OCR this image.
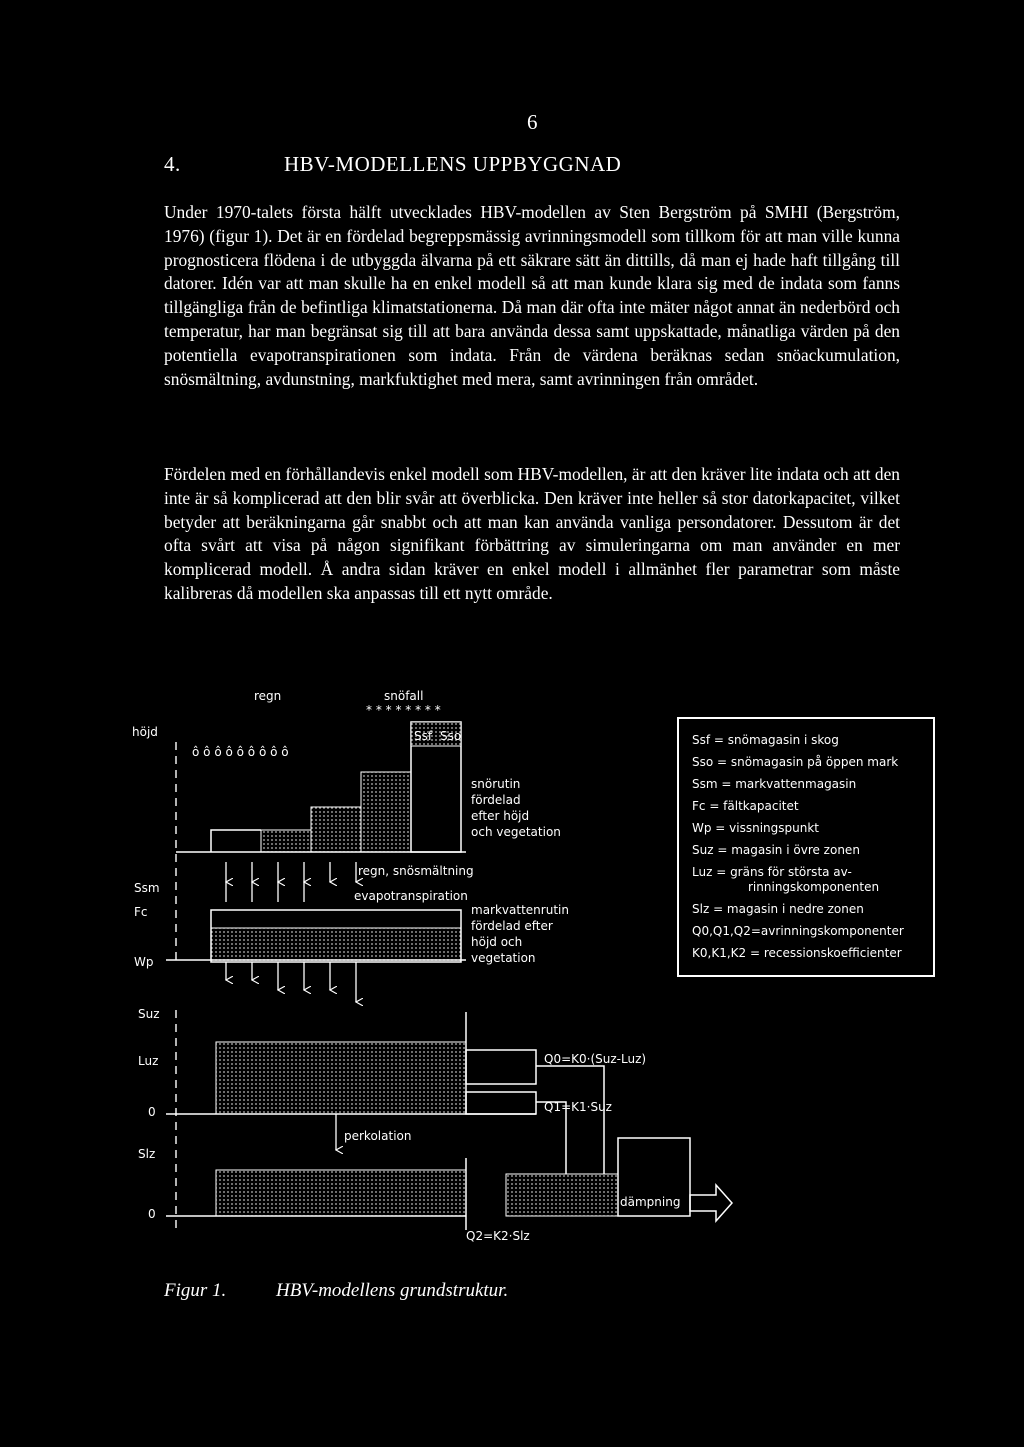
6
4.	HBV-MODELLENS UPPBYGGNAD

Under 1970-talets första hälft utvecklades HBV-modellen av Sten Bergström på SMHI (Bergström, 1976) (figur 1). Det är en fördelad begreppsmässig avrinningsmodell som tillkom för att man ville kunna prognosticera flödena i de utbyggda älvarna på ett säkrare sätt än dittills, då man ej hade haft tillgång till datorer. Idén var att man skulle ha en enkel modell så att man kunde klara sig med de indata som fanns tillgängliga från de befintliga klimatstationerna. Då man där ofta inte mäter något annat än nederbörd och temperatur, har man begränsat sig till att bara använda dessa samt uppskattade, månatliga värden på den potentiella evapotranspirationen som indata. Från de värdena beräknas sedan snöackumulation, snösmältning, avdunstning, markfuktighet med mera, samt avrinningen från området.

Fördelen med en förhållandevis enkel modell som HBV-modellen, är att den kräver lite indata och att den inte är så komplicerad att den blir svår att överblicka. Den kräver inte heller så stor datorkapacitet, vilket betyder att beräkningarna går snabbt och att man kan använda vanliga persondatorer. Dessutom är det ofta svårt att visa på någon signifikant förbättring av simuleringarna om man använder en mer komplicerad modell. Å andra sidan kräver en enkel modell i allmänhet fler parametrar som måste kalibreras då modellen ska anpassas till ett nytt område.

regn	snöfall
* * * * * * * *
höjd
ô ô ô ô ô ô ô ô ô
Ssf Sso
snörutin
fördelad
efter höjd
och vegetation
regn, snösmältning
evapotranspiration
Ssm
Fc
Wp
markvattenrutin
fördelad efter
höjd och
vegetation
Suz
Luz
0
Q0=K0·(Suz-Luz)
Q1=K1·Suz
perkolation
Slz
0
Q2=K2·Slz
dämpning
Ssf = snömagasin i skog
Sso = snömagasin på öppen mark
Ssm = markvattenmagasin
Fc = fältkapacitet
Wp = vissningspunkt
Suz = magasin i övre zonen
Luz = gräns för största av-
rinningskomponenten
Slz = magasin i nedre zonen
Q0,Q1,Q2=avrinningskomponenter
K0,K1,K2 = recessionskoefficienter
Figur 1.	HBV-modellens grundstruktur.
